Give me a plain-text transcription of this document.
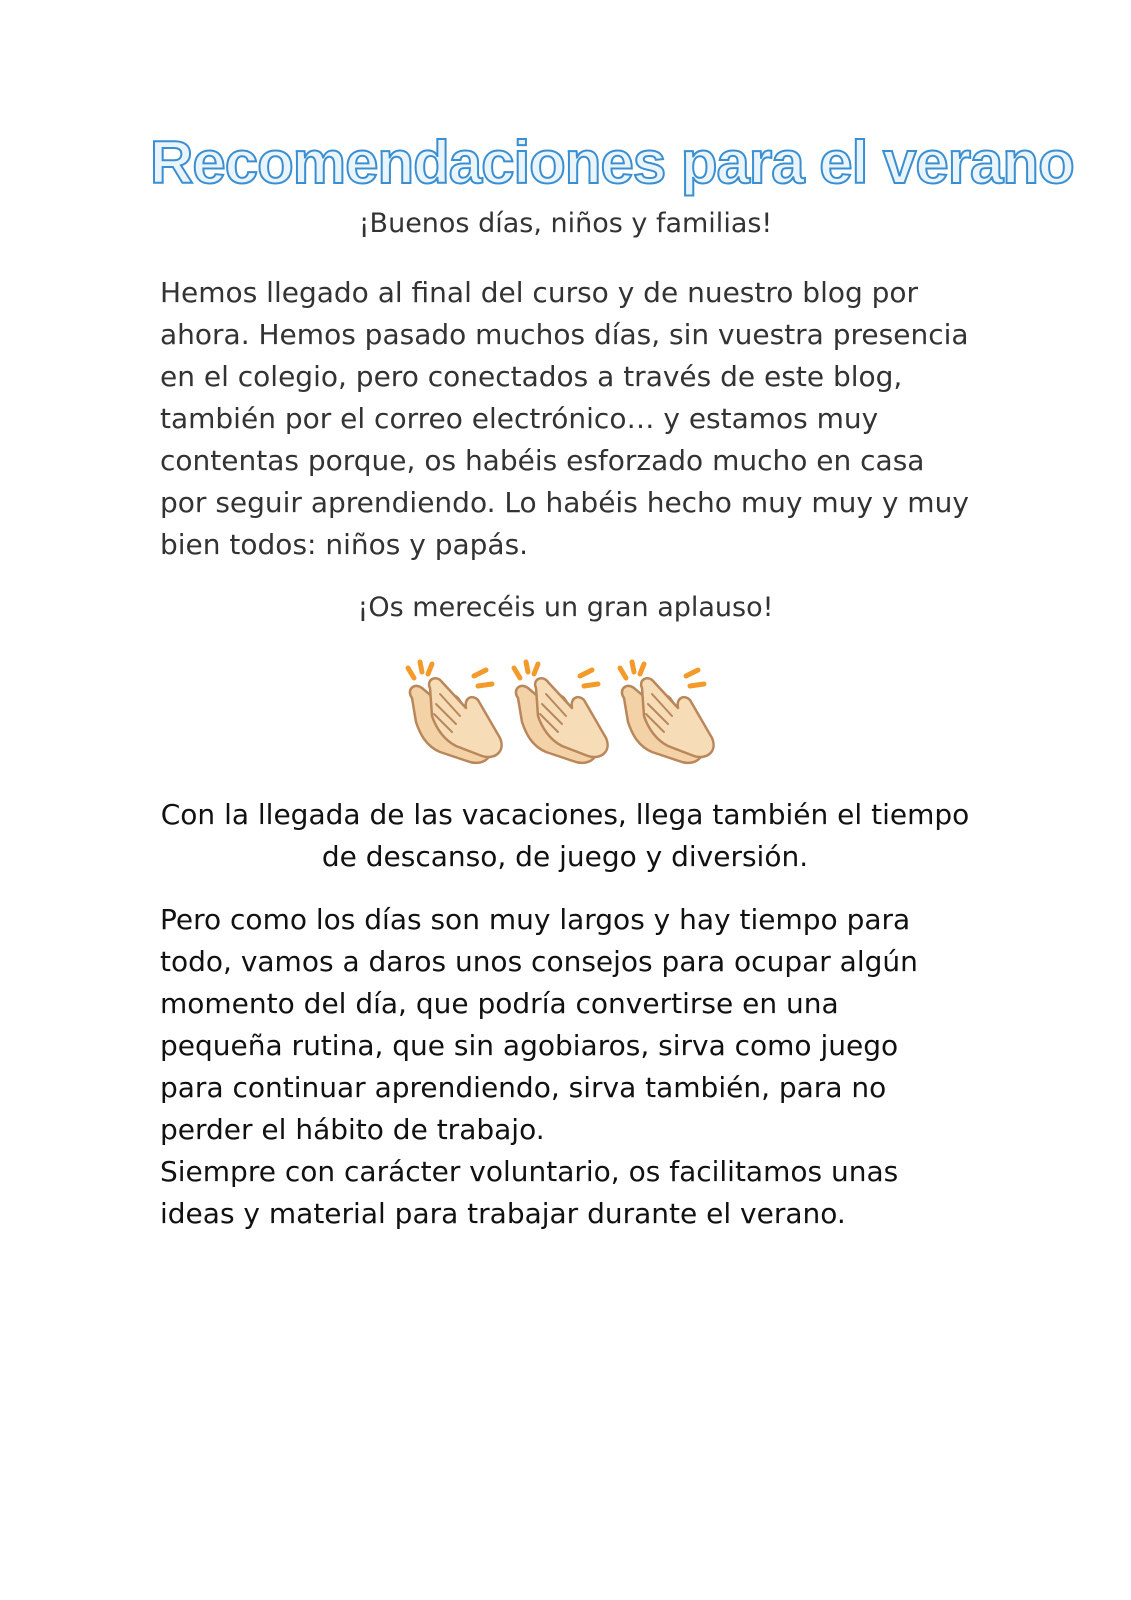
Recomendaciones para el verano
¡Buenos días, niños y familias!

Hemos llegado al final del curso y de nuestro blog por ahora. Hemos pasado muchos días, sin vuestra presencia en el colegio, pero conectados a través de este blog, también por el correo electrónico… y estamos muy contentas porque, os habéis esforzado mucho en casa por seguir aprendiendo. Lo habéis hecho muy muy y muy bien todos: niños y papás.

¡Os merecéis un gran aplauso!
Con la llegada de las vacaciones, llega también el tiempo de descanso, de juego y diversión.

Pero como los días son muy largos y hay tiempo para todo, vamos a daros unos consejos para ocupar algún momento del día, que podría convertirse en una pequeña rutina, que sin agobiaros, sirva como juego para continuar aprendiendo, sirva también, para no perder el hábito de trabajo.

Siempre con carácter voluntario, os facilitamos unas ideas y material para trabajar durante el verano.
